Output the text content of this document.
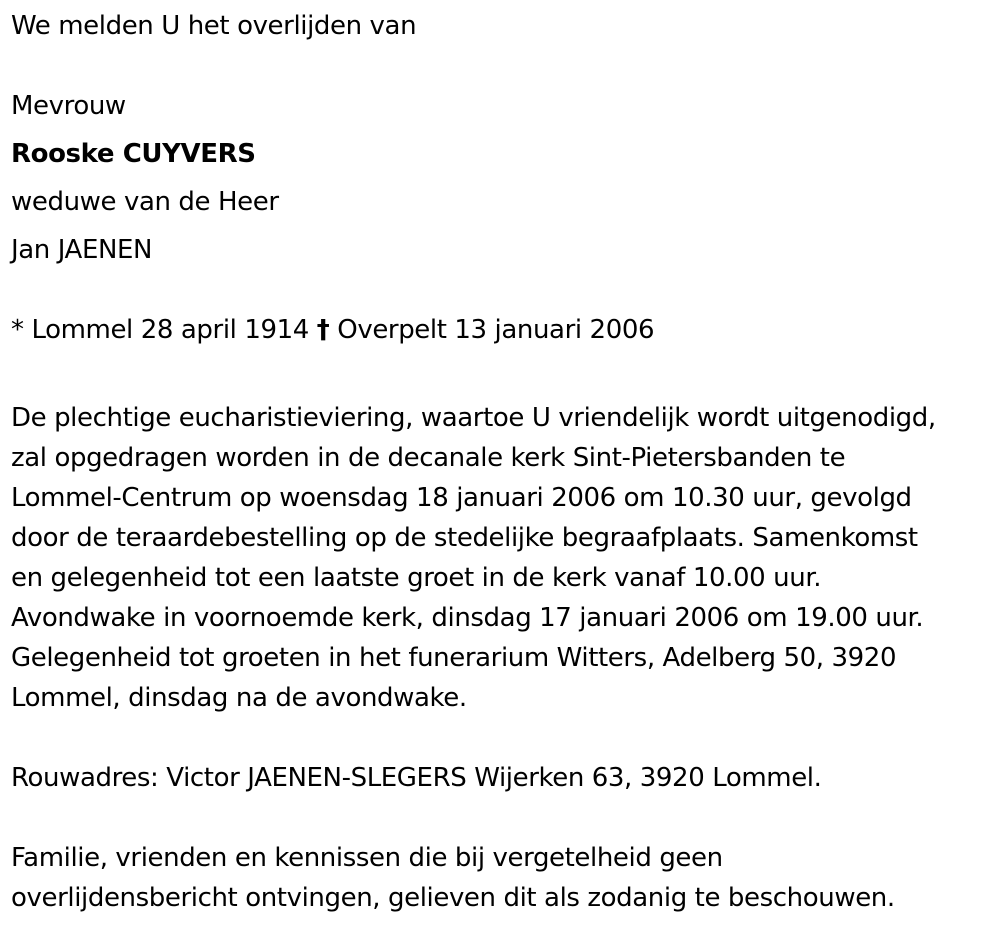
We melden U het overlijden van
Mevrouw
Rooske CUYVERS
weduwe van de Heer
Jan JAENEN
* Lommel 28 april 1914 † Overpelt 13 januari 2006
De plechtige eucharistieviering, waartoe U vriendelijk wordt uitgenodigd,
zal opgedragen worden in de decanale kerk Sint-Pietersbanden te
Lommel-Centrum op woensdag 18 januari 2006 om 10.30 uur, gevolgd
door de teraardebestelling op de stedelijke begraafplaats. Samenkomst
en gelegenheid tot een laatste groet in de kerk vanaf 10.00 uur.
Avondwake in voornoemde kerk, dinsdag 17 januari 2006 om 19.00 uur.
Gelegenheid tot groeten in het funerarium Witters, Adelberg 50, 3920
Lommel, dinsdag na de avondwake.
Rouwadres: Victor JAENEN-SLEGERS Wijerken 63, 3920 Lommel.
Familie, vrienden en kennissen die bij vergetelheid geen
overlijdensbericht ontvingen, gelieven dit als zodanig te beschouwen.
